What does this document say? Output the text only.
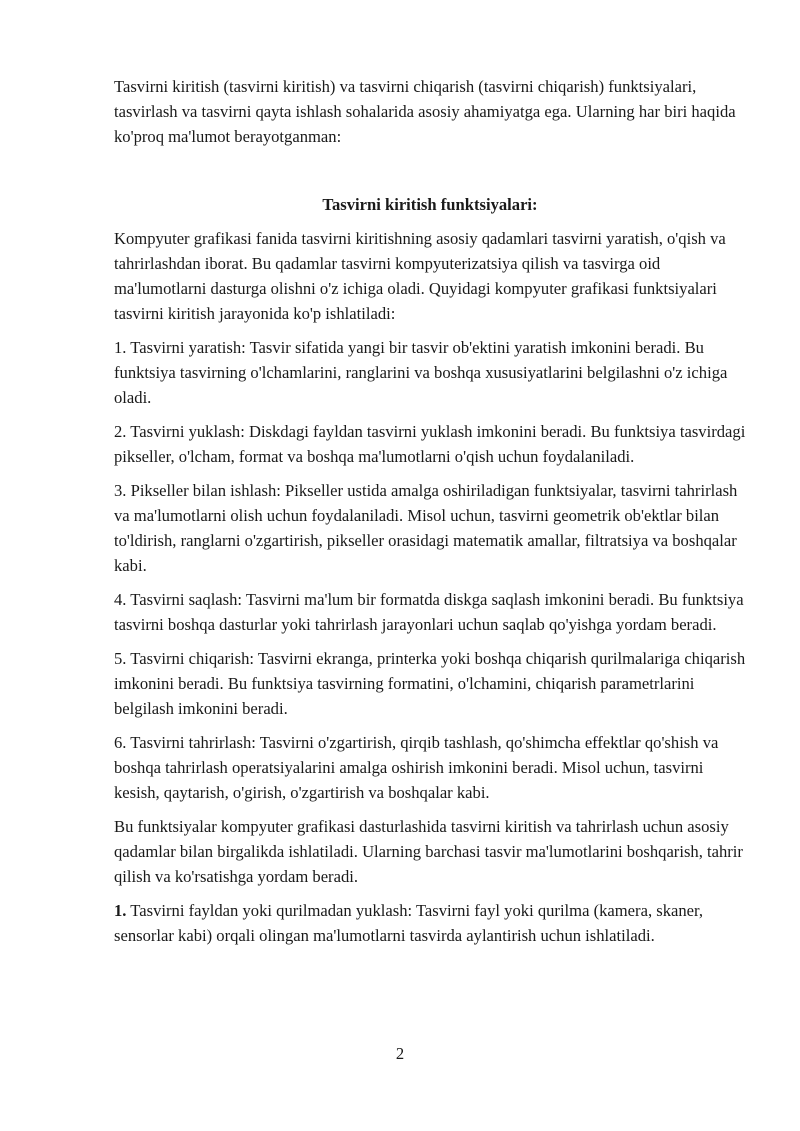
Tasvirni kiritish (tasvirni kiritish) va tasvirni chiqarish (tasvirni chiqarish) funktsiyalari, tasvirlash va tasvirni qayta ishlash sohalarida asosiy ahamiyatga ega. Ularning har biri haqida ko'proq ma'lumot berayotganman:

Tasvirni kiritish funktsiyalari:

Kompyuter grafikasi fanida tasvirni kiritishning asosiy qadamlari tasvirni yaratish, o'qish va tahrirlashdan iborat. Bu qadamlar tasvirni kompyuterizatsiya qilish va tasvirga oid ma'lumotlarni dasturga olishni o'z ichiga oladi. Quyidagi kompyuter grafikasi funktsiyalari tasvirni kiritish jarayonida ko'p ishlatiladi:

1. Tasvirni yaratish: Tasvir sifatida yangi bir tasvir ob'ektini yaratish imkonini beradi. Bu funktsiya tasvirning o'lchamlarini, ranglarini va boshqa xususiyatlarini belgilashni o'z ichiga oladi.

2. Tasvirni yuklash: Diskdagi fayldan tasvirni yuklash imkonini beradi. Bu funktsiya tasvirdagi pikseller, o'lcham, format va boshqa ma'lumotlarni o'qish uchun foydalaniladi.

3. Pikseller bilan ishlash: Pikseller ustida amalga oshiriladigan funktsiyalar, tasvirni tahrirlash va ma'lumotlarni olish uchun foydalaniladi. Misol uchun, tasvirni geometrik ob'ektlar bilan to'ldirish, ranglarni o'zgartirish, pikseller orasidagi matematik amallar, filtratsiya va boshqalar kabi.

4. Tasvirni saqlash: Tasvirni ma'lum bir formatda diskga saqlash imkonini beradi. Bu funktsiya tasvirni boshqa dasturlar yoki tahrirlash jarayonlari uchun saqlab qo'yishga yordam beradi.

5. Tasvirni chiqarish: Tasvirni ekranga, printerka yoki boshqa chiqarish qurilmalariga chiqarish imkonini beradi. Bu funktsiya tasvirning formatini, o'lchamini, chiqarish parametrlarini belgilash imkonini beradi.

6. Tasvirni tahrirlash: Tasvirni o'zgartirish, qirqib tashlash, qo'shimcha effektlar qo'shish va boshqa tahrirlash operatsiyalarini amalga oshirish imkonini beradi. Misol uchun, tasvirni kesish, qaytarish, o'girish, o'zgartirish va boshqalar kabi.

Bu funktsiyalar kompyuter grafikasi dasturlashida tasvirni kiritish va tahrirlash uchun asosiy qadamlar bilan birgalikda ishlatiladi. Ularning barchasi tasvir ma'lumotlarini boshqarish, tahrir qilish va ko'rsatishga yordam beradi.

1. Tasvirni fayldan yoki qurilmadan yuklash: Tasvirni fayl yoki qurilma (kamera, skaner, sensorlar kabi) orqali olingan ma'lumotlarni tasvirda aylantirish uchun ishlatiladi.

2
